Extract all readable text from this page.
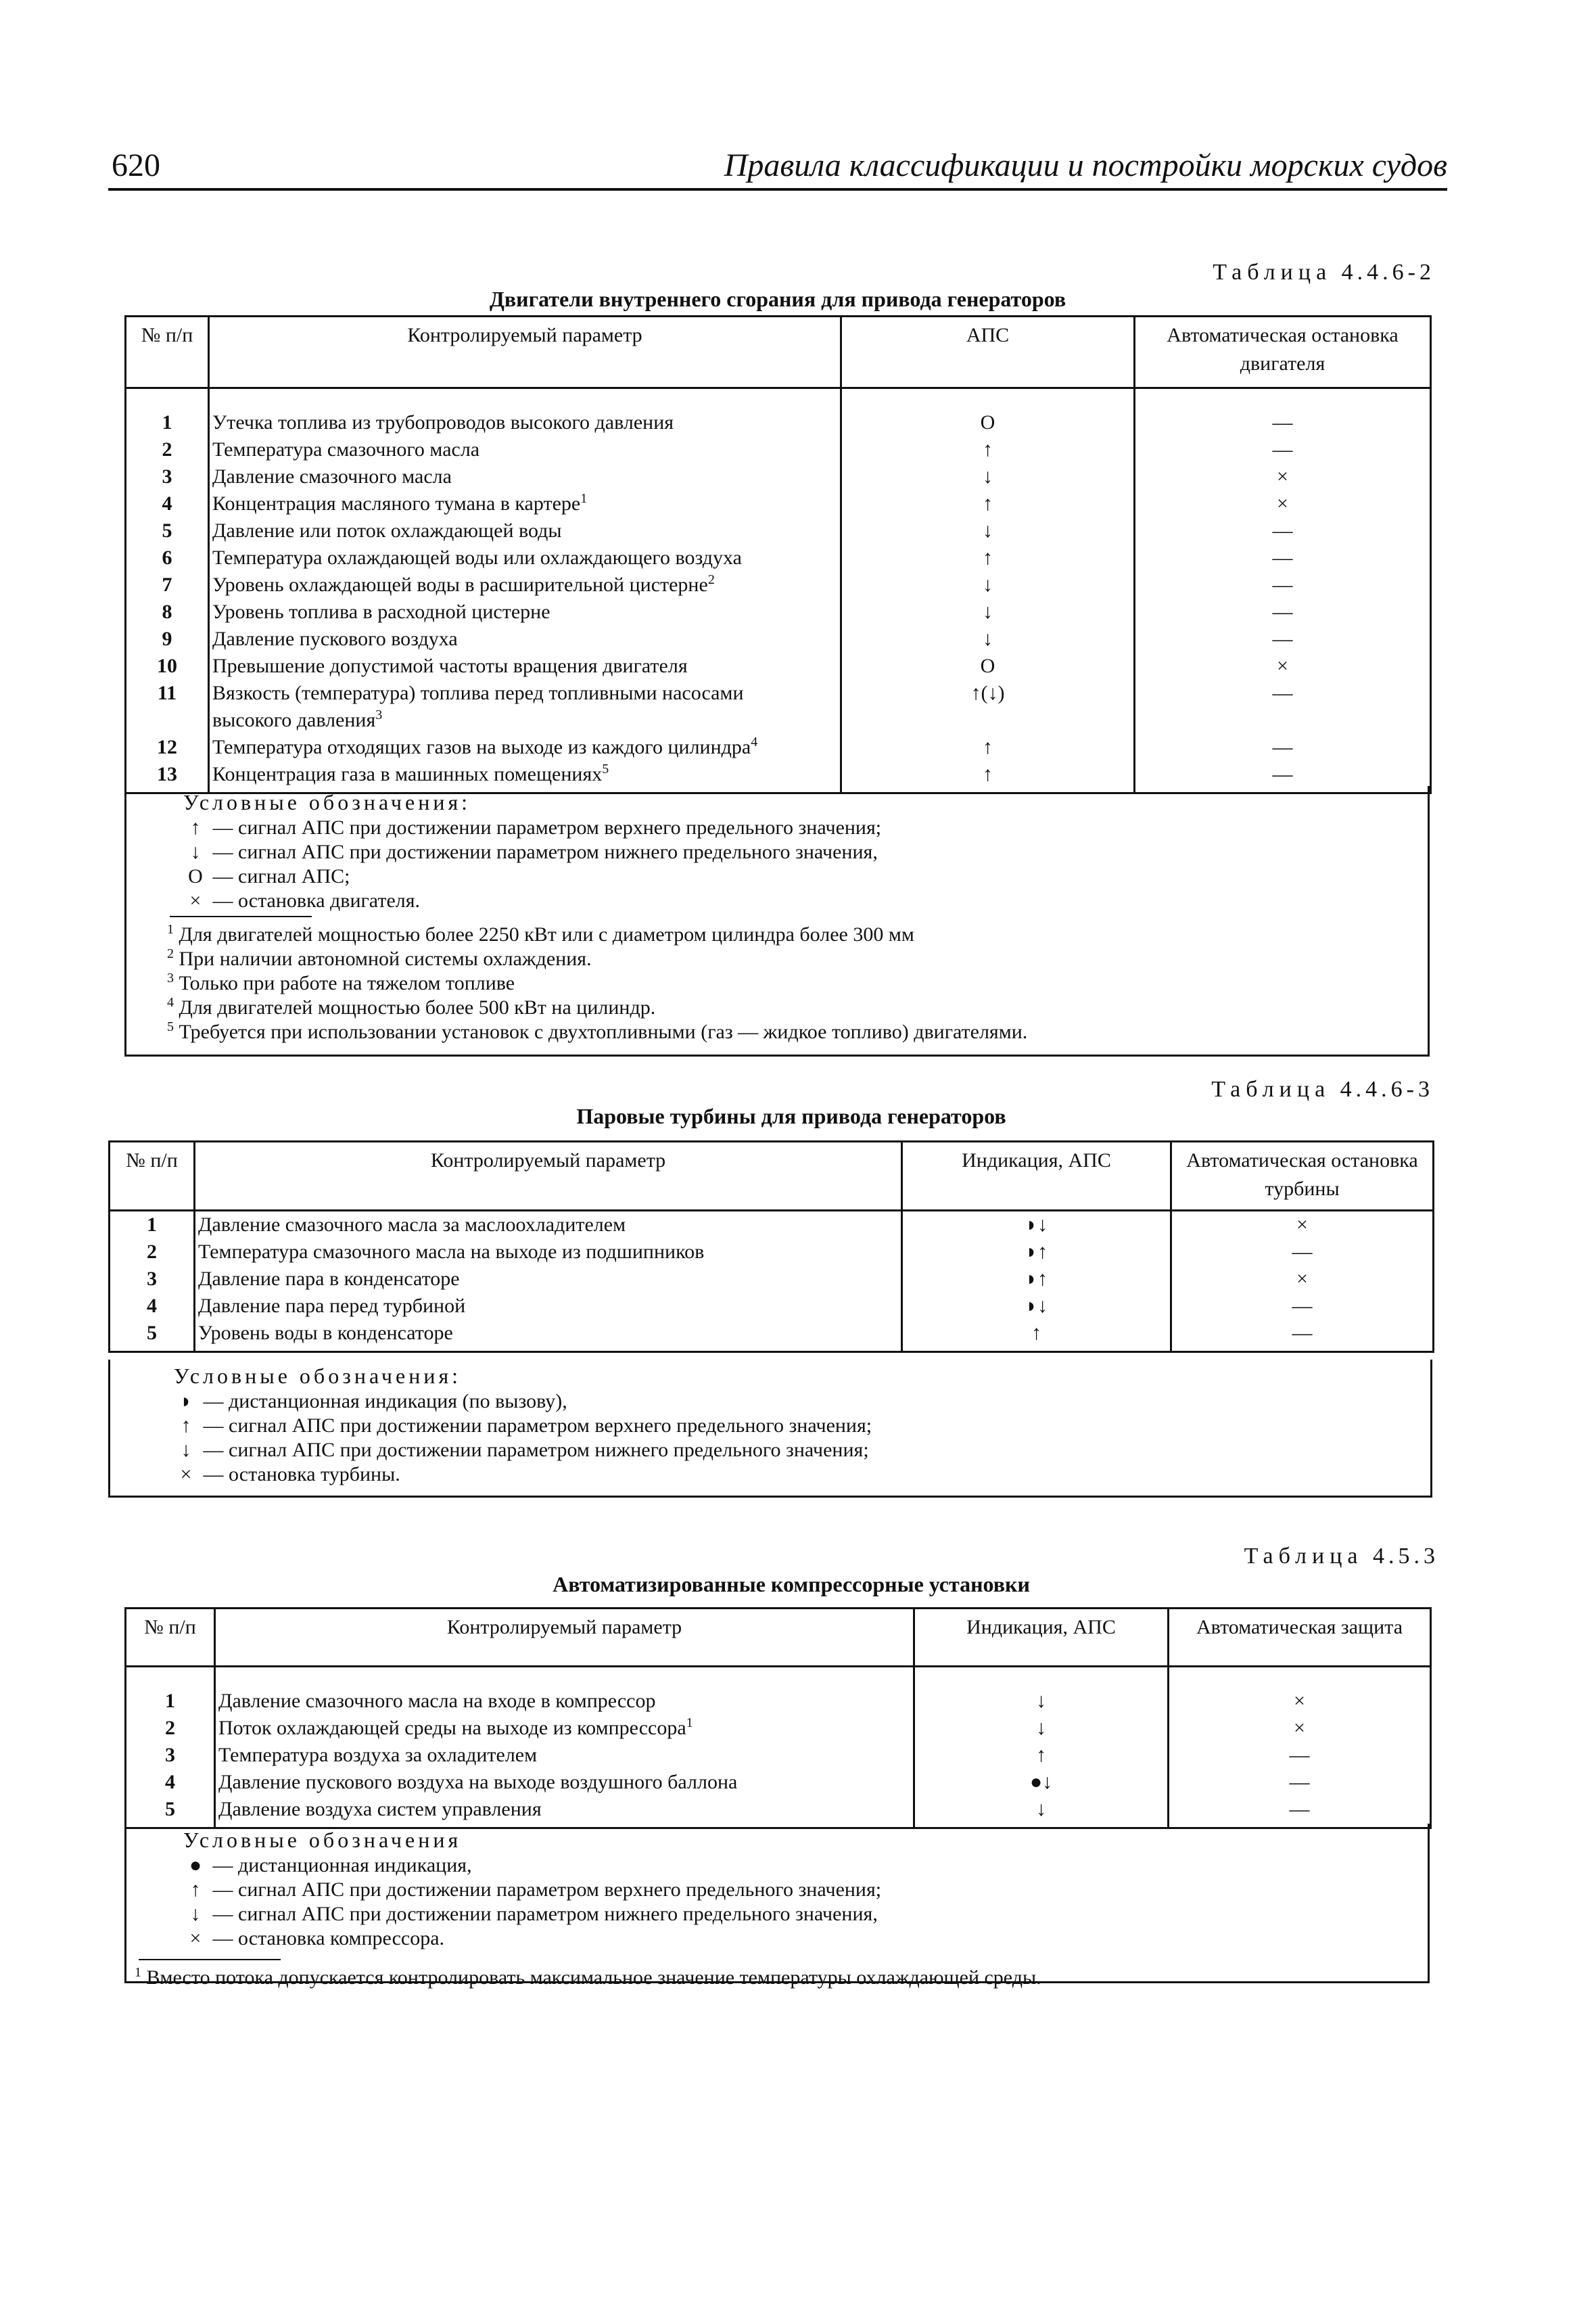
620	Правила классификации и постройки морских судов
Таблица 4.4.6-2
Двигатели внутреннего сгорания для привода генераторов
№ п/п	Контролируемый параметр	АПС	Автоматическая остановка двигателя

1	Утечка топлива из трубопроводов высокого давления	O	—
2	Температура смазочного масла	↑	—
3	Давление смазочного масла	↓	×
4	Концентрация масляного тумана в картере$^1$	↑	×
5	Давление или поток охлаждающей воды	↓	—
6	Температура охлаждающей воды или охлаждающего воздуха	↑	—
7	Уровень охлаждающей воды в расширительной цистерне$^2$	↓	—
8	Уровень топлива в расходной цистерне	↓	—
9	Давление пускового воздуха	↓	—
10	Превышение допустимой частоты вращения двигателя	O	×
11	Вязкость (температура) топлива перед топливными насосами
высокого давления$^3$	↑(↓)	—
12	Температура отходящих газов на выходе из каждого цилиндра$^4$	↑	—
13	Концентрация газа в машинных помещениях$^5$	↑	—
Условные обозначения:
↑ — сигнал АПС при достижении параметром верхнего предельного значения;
↓ — сигнал АПС при достижении параметром нижнего предельного значения,
O — сигнал АПС;
× — остановка двигателя.
$^1$ Для двигателей мощностью более 2250 кВт или с диаметром цилиндра более 300 мм
$^2$ При наличии автономной системы охлаждения.
$^3$ Только при работе на тяжелом топливе
$^4$ Для двигателей мощностью более 500 кВт на цилиндр.
$^5$ Требуется при использовании установок с двухтопливными (газ — жидкое топливо) двигателями.
Таблица 4.4.6-3
Паровые турбины для привода генераторов
№ п/п	Контролируемый параметр	Индикация, АПС	Автоматическая остановка турбины
1	Давление смазочного масла за маслоохладителем	◗↓	×
2	Температура смазочного масла на выходе из подшипников	◗↑	—
3	Давление пара в конденсаторе	◗↑	×
4	Давление пара перед турбиной	◗↓	—
5	Уровень воды в конденсаторе	↑	—
Условные обозначения:
◗ — дистанционная индикация (по вызову),
↑ — сигнал АПС при достижении параметром верхнего предельного значения;
↓ — сигнал АПС при достижении параметром нижнего предельного значения;
× — остановка турбины.
Таблица 4.5.3
Автоматизированные компрессорные установки
№ п/п	Контролируемый параметр	Индикация, АПС	Автоматическая защита

1	Давление смазочного масла на входе в компрессор	↓	×
2	Поток охлаждающей среды на выходе из компрессора$^1$	↓	×
3	Температура воздуха за охладителем	↑	—
4	Давление пускового воздуха на выходе воздушного баллона	●↓	—
5	Давление воздуха систем управления	↓	—
Условные обозначения
● — дистанционная индикация,
↑ — сигнал АПС при достижении параметром верхнего предельного значения;
↓ — сигнал АПС при достижении параметром нижнего предельного значения,
× — остановка компрессора.
$^1$ Вместо потока допускается контролировать максимальное значение температуры охлаждающей среды.
